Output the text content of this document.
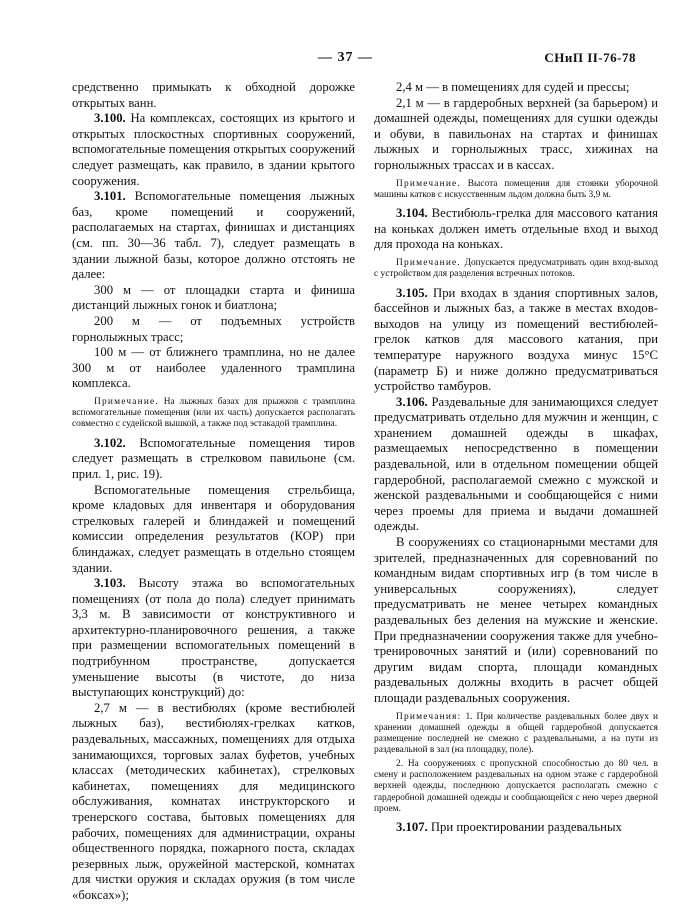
— 37 —	СНиП II-76-78

средственно примыкать к обходной дорожке открытых ванн.

3.100. На комплексах, состоящих из крытого и открытых плоскостных спортивных сооружений, вспомогательные помещения открытых сооружений следует размещать, как правило, в здании крытого сооружения.

3.101. Вспомогательные помещения лыжных баз, кроме помещений и сооружений, располагаемых на стартах, финишах и дистанциях (см. пп. 30—36 табл. 7), следует размещать в здании лыжной базы, которое должно отстоять не далее:

300 м — от площадки старта и финиша дистанций лыжных гонок и биатлона;

200 м — от подъемных устройств горнолыжных трасс;

100 м — от ближнего трамплина, но не далее 300 м от наиболее удаленного трамплина комплекса.

Примечание. На лыжных базах для прыжков с трамплина вспомогательные помещения (или их часть) допускается располагать совместно с судейской вышкой, а также под эстакадой трамплина.

3.102. Вспомогательные помещения тиров следует размещать в стрелковом павильоне (см. прил. 1, рис. 19).

Вспомогательные помещения стрельбища, кроме кладовых для инвентаря и оборудования стрелковых галерей и блиндажей и помещений комиссии определения результатов (КОР) при блиндажах, следует размещать в отдельно стоящем здании.

3.103. Высоту этажа во вспомогательных помещениях (от пола до пола) следует принимать 3,3 м. В зависимости от конструктивного и архитектурно-планировочного решения, а также при размещении вспомогательных помещений в подтрибунном пространстве, допускается уменьшение высоты (в чистоте, до низа выступающих конструкций) до:

2,7 м — в вестибюлях (кроме вестибюлей лыжных баз), вестибюлях-грелках катков, раздевальных, массажных, помещениях для отдыха занимающихся, торговых залах буфетов, учебных классах (методических кабинетах), стрелковых кабинетах, помещениях для медицинского обслуживания, комнатах инструкторского и тренерского состава, бытовых помещениях для рабочих, помещениях для администрации, охраны общественного порядка, пожарного поста, складах резервных лыж, оружейной мастерской, комнатах для чистки оружия и складах оружия (в том числе «боксах»);

2,4 м — в помещениях для судей и прессы;

2,1 м — в гардеробных верхней (за барьером) и домашней одежды, помещениях для сушки одежды и обуви, в павильонах на стартах и финишах лыжных и горнолыжных трасс, хижинах на горнолыжных трассах и в кассах.

Примечание. Высота помещения для стоянки уборочной машины катков с искусственным льдом должна быть 3,9 м.

3.104. Вестибюль-грелка для массового катания на коньках должен иметь отдельные вход и выход для прохода на коньках.

Примечание. Допускается предусматривать один вход-выход с устройством для разделения встречных потоков.

3.105. При входах в здания спортивных залов, бассейнов и лыжных баз, а также в местах входов-выходов на улицу из помещений вестибюлей-грелок катков для массового катания, при температуре наружного воздуха минус 15°С (параметр Б) и ниже должно предусматриваться устройство тамбуров.

3.106. Раздевальные для занимающихся следует предусматривать отдельно для мужчин и женщин, с хранением домашней одежды в шкафах, размещаемых непосредственно в помещении раздевальной, или в отдельном помещении общей гардеробной, располагаемой смежно с мужской и женской раздевальными и сообщающейся с ними через проемы для приема и выдачи домашней одежды.

В сооружениях со стационарными местами для зрителей, предназначенных для соревнований по командным видам спортивных игр (в том числе в универсальных сооружениях), следует предусматривать не менее четырех командных раздевальных без деления на мужские и женские. При предназначении сооружения также для учебно-тренировочных занятий и (или) соревнований по другим видам спорта, площади командных раздевальных должны входить в расчет общей площади раздевальных сооружения.

Примечания: 1. При количестве раздевальных более двух и хранении домашней одежды в общей гардеробной допускается размещение последней не смежно с раздевальными, а на пути из раздевальной в зал (на площадку, поле).

2. На сооружениях с пропускной способностью до 80 чел. в смену и расположением раздевальных на одном этаже с гардеробной верхней одежды, последнюю допускается располагать смежно с гардеробной домашней одежды и сообщающейся с нею через дверной проем.

3.107. При проектировании раздевальных
